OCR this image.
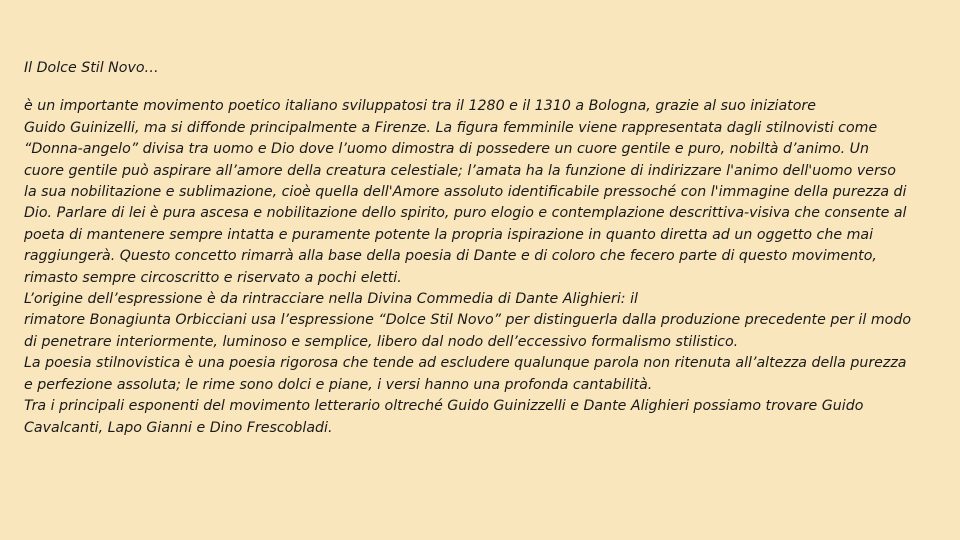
Il Dolce Stil Novo…
è un importante movimento poetico italiano sviluppatosi tra il 1280 e il 1310 a Bologna, grazie al suo iniziatore
Guido Guinizelli, ma si diffonde principalmente a Firenze. La figura femminile viene rappresentata dagli stilnovisti come
“Donna-angelo” divisa tra uomo e Dio dove l’uomo dimostra di possedere un cuore gentile e puro, nobiltà d’animo. Un
cuore gentile può aspirare all’amore della creatura celestiale; l’amata ha la funzione di indirizzare l'animo dell'uomo verso
la sua nobilitazione e sublimazione, cioè quella dell'Amore assoluto identificabile pressoché con l'immagine della purezza di
Dio. Parlare di lei è pura ascesa e nobilitazione dello spirito, puro elogio e contemplazione descrittiva-visiva che consente al
poeta di mantenere sempre intatta e puramente potente la propria ispirazione in quanto diretta ad un oggetto che mai
raggiungerà. Questo concetto rimarrà alla base della poesia di Dante e di coloro che fecero parte di questo movimento,
rimasto sempre circoscritto e riservato a pochi eletti.
L’origine dell’espressione è da rintracciare nella Divina Commedia di Dante Alighieri: il
rimatore Bonagiunta Orbicciani usa l’espressione “Dolce Stil Novo” per distinguerla dalla produzione precedente per il modo
di penetrare interiormente, luminoso e semplice, libero dal nodo dell’eccessivo formalismo stilistico.
La poesia stilnovistica è una poesia rigorosa che tende ad escludere qualunque parola non ritenuta all’altezza della purezza
e perfezione assoluta; le rime sono dolci e piane, i versi hanno una profonda cantabilità.
Tra i principali esponenti del movimento letterario oltreché Guido Guinizzelli e Dante Alighieri possiamo trovare Guido
Cavalcanti, Lapo Gianni e Dino Frescobladi.
